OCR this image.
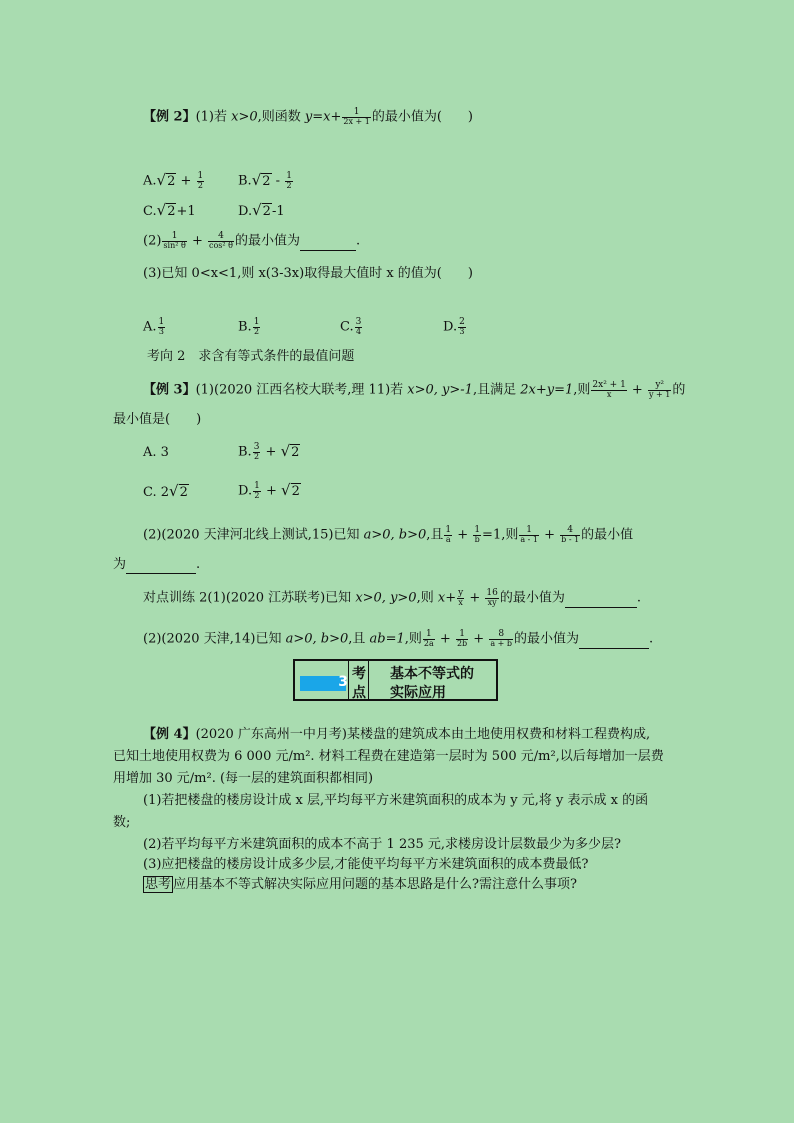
【例 2】(1)若 x>0,则函数 $y=x+ \frac{1}{2x + 1}$ 的最小值为(　　)
$A.√2 + \frac{1}{2}$	$B.√2 - \frac{1}{2}$
C.√2+1	D.√2-1
$(2) \frac{1}{\text{sin² θ}} + \frac{4}{\text{cos² θ}}$ 的最小值为	.
(3)已知 0<x<1,则 x(3-3x)取得最大值时 x 的值为(　　)
A. $\frac{1}{3}$	B. $\frac{1}{2}$	C. $\frac{3}{4}$	D. $\frac{2}{3}$
考向 2　求含有等式条件的最值问题
【例 3】(1)(2020 江西名校大联考,理 11)若 x>0, y>-1,且满足 2x+y=1,则 $\frac{\text{2x² + 1}}{x} + \frac{\text{y²}}{y + 1}$ 的
最小值是(　　)
A. 3	B. $\frac{3}{2} + √2$
C. 2√2	D. $\frac{1}{2} + √2$
(2)(2020 天津河北线上测试,15)已知 a>0, b>0,且 $\frac{1}{a} + \frac{1}{b} =1$,则 $\frac{1}{a - 1} + \frac{4}{b - 1}$ 的最小值
为	.
对点训练 2(1)(2020 江苏联考)已知 x>0, y>0,则 $x+ \frac{y}{x} + \frac{16}{xy}$ 的最小值为	.
(2)(2020 天津,14)已知 a>0, b>0,且 ab=1,则 $\frac{1}{2a} + \frac{1}{2b} + \frac{8}{a + b}$ 的最小值为	.
3 考
点
基本不等式的
实际应用
【例 4】(2020 广东高州一中月考)某楼盘的建筑成本由土地使用权费和材料工程费构成,
已知土地使用权费为 6 000 元/m². 材料工程费在建造第一层时为 500 元/m²,以后每增加一层费
用增加 30 元/m². (每一层的建筑面积都相同)
(1)若把楼盘的楼房设计成 x 层,平均每平方米建筑面积的成本为 y 元,将 y 表示成 x 的函
数;
(2)若平均每平方米建筑面积的成本不高于 1 235 元,求楼房设计层数最少为多少层?
(3)应把楼盘的楼房设计成多少层,才能使平均每平方米建筑面积的成本费最低?
思考 应用基本不等式解决实际应用问题的基本思路是什么?需注意什么事项?
